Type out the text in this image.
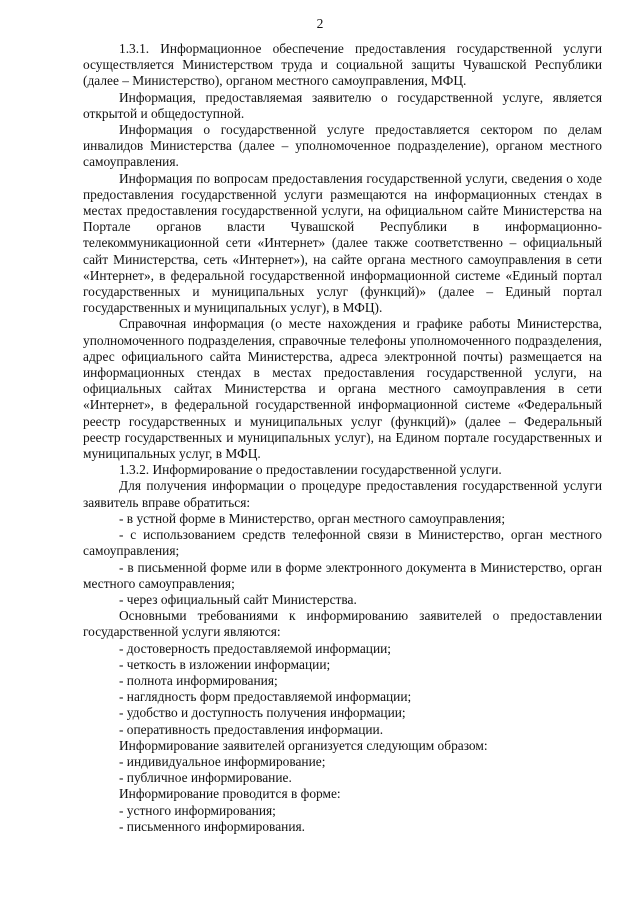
2

1.3.1. Информационное обеспечение предоставления государственной услуги осуществляется Министерством труда и социальной защиты Чувашской Республики (далее – Министерство), органом местного самоуправления, МФЦ.

Информация, предоставляемая заявителю о государственной услуге, является открытой и общедоступной.

Информация о государственной услуге предоставляется сектором по делам инвалидов Министерства (далее – уполномоченное подразделение), органом местного самоуправления.

Информация по вопросам предоставления государственной услуги, сведения о ходе предоставления государственной услуги размещаются на информационных стендах в местах предоставления государственной услуги, на официальном сайте Министерства на Портале органов власти Чувашской Республики в информационно-телекоммуникационной сети «Интернет» (далее также соответственно – официальный сайт Министерства, сеть «Интернет»), на сайте органа местного самоуправления в сети «Интернет», в федеральной государственной информационной системе «Единый портал государственных и муниципальных услуг (функций)» (далее – Единый портал государственных и муниципальных услуг), в МФЦ).

Справочная информация (о месте нахождения и графике работы Министерства, уполномоченного подразделения, справочные телефоны уполномоченного подразделения, адрес официального сайта Министерства, адреса электронной почты) размещается на информационных стендах в местах предоставления государственной услуги, на официальных сайтах Министерства и органа местного самоуправления в сети «Интернет», в федеральной государственной информационной системе «Федеральный реестр государственных и муниципальных услуг (функций)» (далее – Федеральный реестр государственных и муниципальных услуг), на Едином портале государственных и муниципальных услуг, в МФЦ.

1.3.2. Информирование о предоставлении государственной услуги.

Для получения информации о процедуре предоставления государственной услуги заявитель вправе обратиться:

- в устной форме в Министерство, орган местного самоуправления;

- с использованием средств телефонной связи в Министерство, орган местного самоуправления;

- в письменной форме или в форме электронного документа в Министерство, орган местного самоуправления;

- через официальный сайт Министерства.

Основными требованиями к информированию заявителей о предоставлении государственной услуги являются:

- достоверность предоставляемой информации;

- четкость в изложении информации;

- полнота информирования;

- наглядность форм предоставляемой информации;

- удобство и доступность получения информации;

- оперативность предоставления информации.

Информирование заявителей организуется следующим образом:

- индивидуальное информирование;

- публичное информирование.

Информирование проводится в форме:

- устного информирования;

- письменного информирования.
